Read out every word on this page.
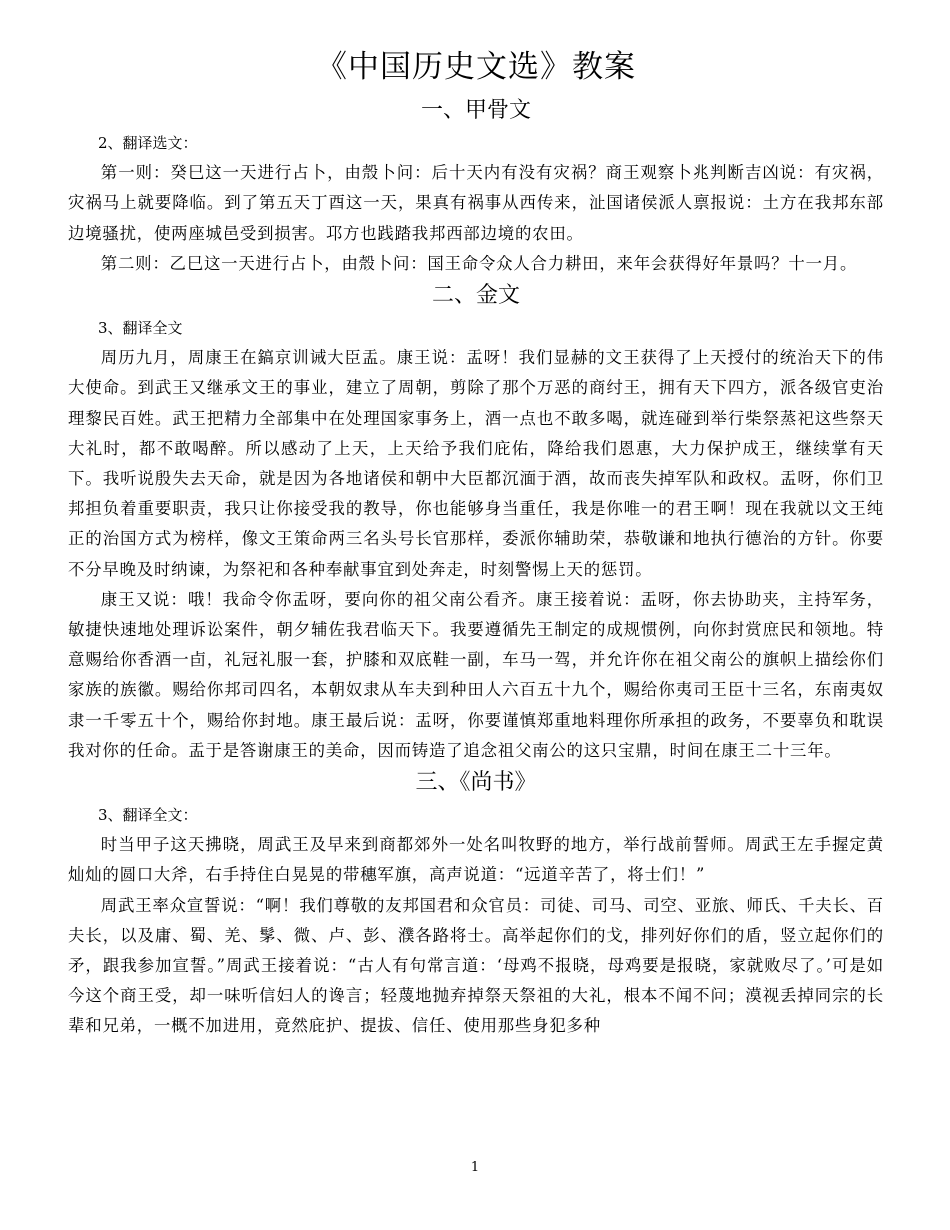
《中国历史文选》教案
一、甲骨文

2、翻译选文：

第一则：癸巳这一天进行占卜，由殼卜问：后十天内有没有灾祸？商王观察卜兆判断吉凶说：有灾祸，灾祸马上就要降临。到了第五天丁酉这一天，果真有祸事从西传来，沚国诸侯派人禀报说：土方在我邦东部边境骚扰，使两座城邑受到损害。邛方也践踏我邦西部边境的农田。

第二则：乙巳这一天进行占卜，由殼卜问：国王命令众人合力耕田，来年会获得好年景吗？十一月。

二、金文

3、翻译全文

周历九月，周康王在鎬京训诫大臣盂。康王说：盂呀！我们显赫的文王获得了上天授付的统治天下的伟大使命。到武王又继承文王的事业，建立了周朝，剪除了那个万恶的商纣王，拥有天下四方，派各级官吏治理黎民百姓。武王把精力全部集中在处理国家事务上，酒一点也不敢多喝，就连碰到举行柴祭蒸祀这些祭天大礼时，都不敢喝醉。所以感动了上天，上天给予我们庇佑，降给我们恩惠，大力保护成王，继续掌有天下。我听说殷失去天命，就是因为各地诸侯和朝中大臣都沉湎于酒，故而丧失掉军队和政权。盂呀，你们卫邦担负着重要职责，我只让你接受我的教导，你也能够身当重任，我是你唯一的君王啊！现在我就以文王纯正的治国方式为榜样，像文王策命两三名头号长官那样，委派你辅助荣，恭敬谦和地执行德治的方针。你要不分早晚及时纳谏，为祭祀和各种奉献事宜到处奔走，时刻警惕上天的惩罚。

康王又说：哦！我命令你盂呀，要向你的祖父南公看齐。康王接着说：盂呀，你去协助夹，主持军务，敏捷快速地处理诉讼案件，朝夕辅佐我君临天下。我要遵循先王制定的成规惯例，向你封赏庶民和领地。特意赐给你香酒一卣，礼冠礼服一套，护膝和双底鞋一副，车马一驾，并允许你在祖父南公的旗帜上描绘你们家族的族徽。赐给你邦司四名，本朝奴隶从车夫到种田人六百五十九个，赐给你夷司王臣十三名，东南夷奴隶一千零五十个，赐给你封地。康王最后说：盂呀，你要谨慎郑重地料理你所承担的政务，不要辜负和耽误我对你的任命。盂于是答谢康王的美命，因而铸造了追念祖父南公的这只宝鼎，时间在康王二十三年。

三、《尚书》

3、翻译全文：

时当甲子这天拂晓，周武王及早来到商都郊外一处名叫牧野的地方，举行战前誓师。周武王左手握定黄灿灿的圆口大斧，右手持住白晃晃的带穗军旗，高声说道：“远道辛苦了，将士们！”

周武王率众宣誓说：“啊！我们尊敬的友邦国君和众官员：司徒、司马、司空、亚旅、师氏、千夫长、百夫长，以及庸、蜀、羌、髳、微、卢、彭、濮各路将士。高举起你们的戈，排列好你们的盾，竖立起你们的矛，跟我参加宣誓。”周武王接着说：“古人有句常言道：‘母鸡不报晓，母鸡要是报晓，家就败尽了。’可是如今这个商王受，却一味听信妇人的谗言；轻蔑地抛弃掉祭天祭祖的大礼，根本不闻不问；漠视丢掉同宗的长辈和兄弟，一概不加进用，竟然庇护、提拔、信任、使用那些身犯多种

1
